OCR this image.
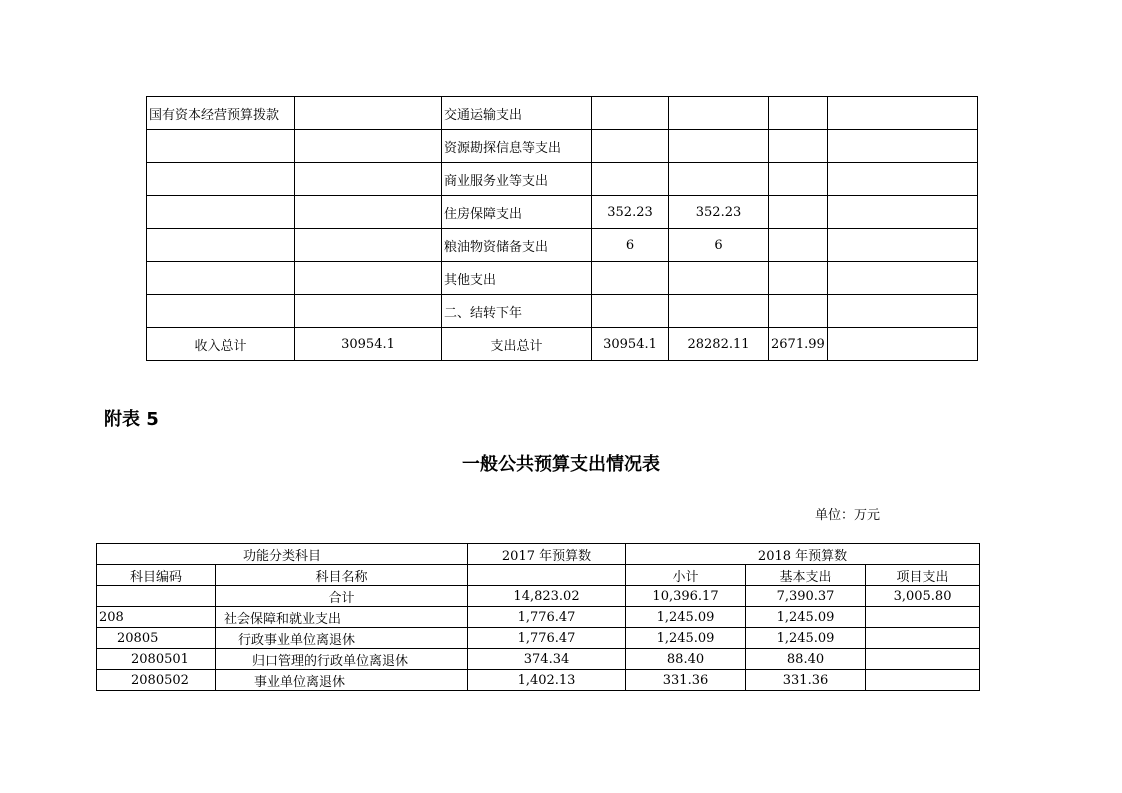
国有资本经营预算拨款		交通运输支出				
		资源勘探信息等支出				
		商业服务业等支出				
		住房保障支出	352.23	352.23		
		粮油物资储备支出	6	6		
		其他支出				
		二、结转下年				
收入总计	30954.1	支出总计	30954.1	28282.11	2671.99	
附表 5
一般公共预算支出情况表
单位：万元
功能分类科目		2017 年预算数	2018 年预算数		
科目编码	科目名称		小计	基本支出	项目支出
	合计	14,823.02	10,396.17	7,390.37	3,005.80
208	社会保障和就业支出	1,776.47	1,245.09	1,245.09	
20805	行政事业单位离退休	1,776.47	1,245.09	1,245.09	
2080501	归口管理的行政单位离退休	374.34	88.40	88.40	
2080502	事业单位离退休	1,402.13	331.36	331.36	
